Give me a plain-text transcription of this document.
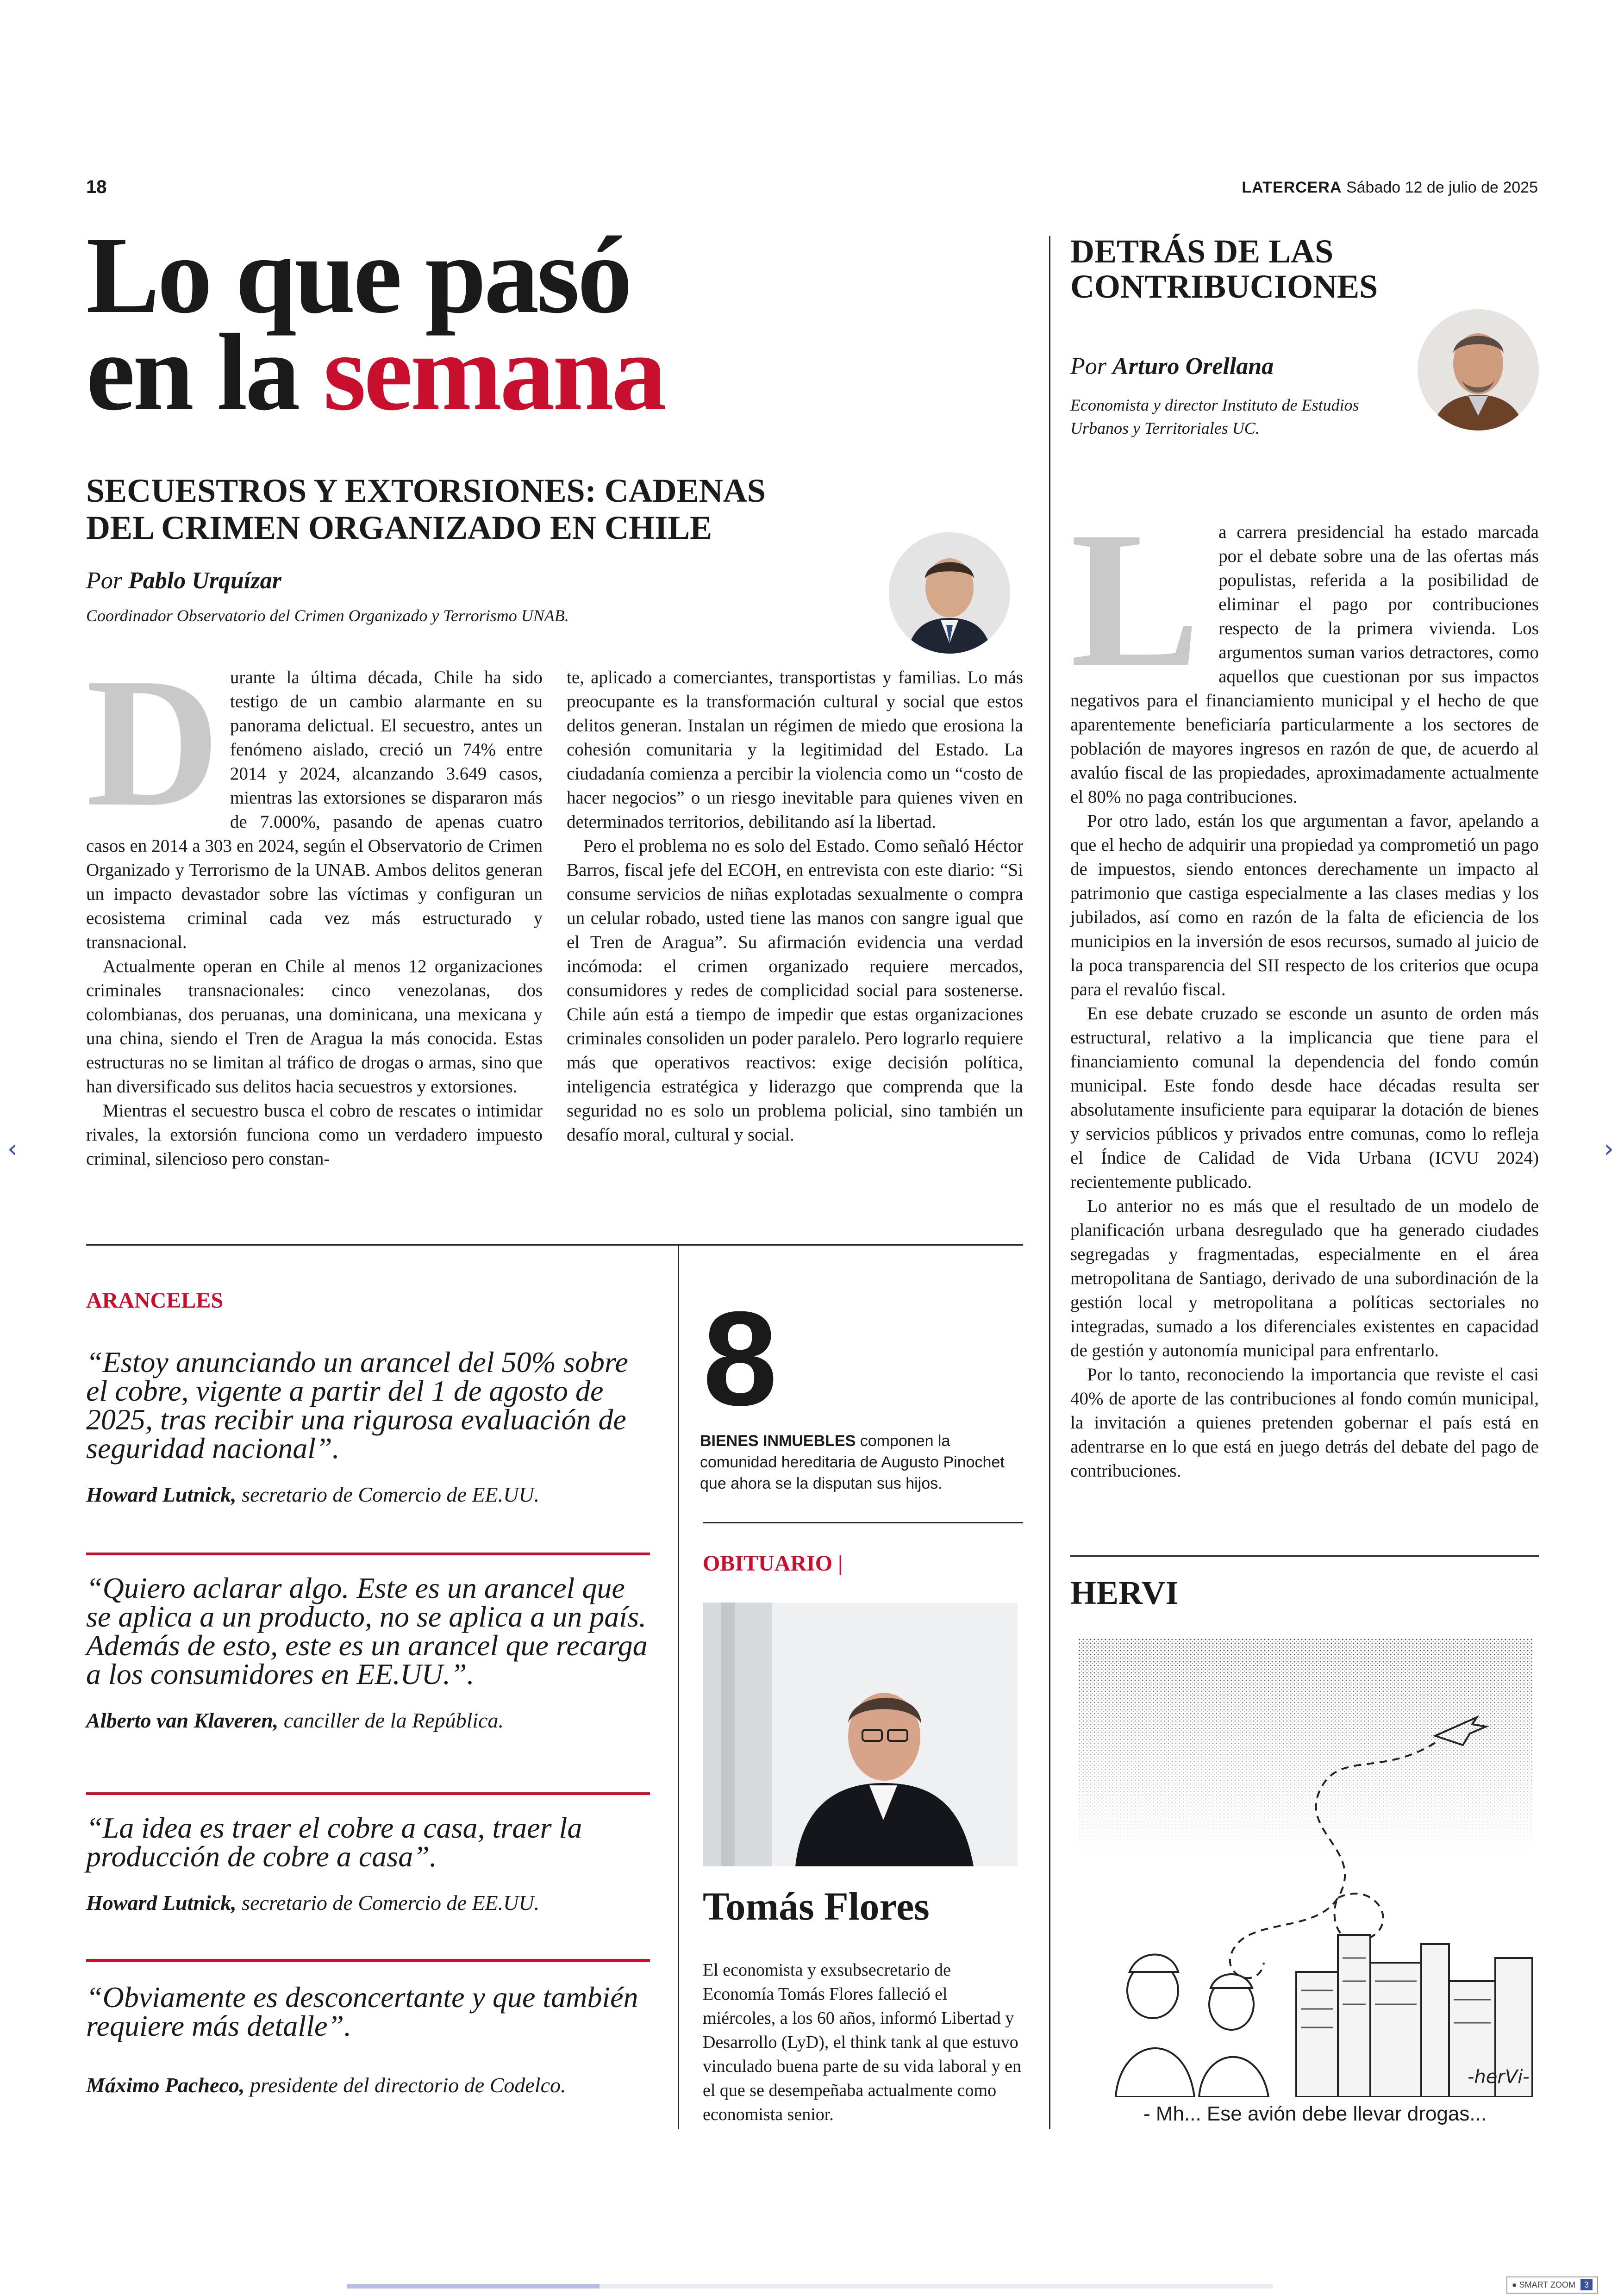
18	LATERCERA Sábado 12 de julio de 2025
Lo que pasó
en la semana
SECUESTROS Y EXTORSIONES: CADENAS DEL CRIMEN ORGANIZADO EN CHILE
Por Pablo Urquízar
Coordinador Observatorio del Crimen Organizado y Terrorismo UNAB.
D urante la última década, Chile ha sido testigo de un cambio alarmante en su panorama delictual. El secuestro, antes un fenómeno aislado, creció un 74% entre 2014 y 2024, alcanzando 3.649 casos, mientras las extorsiones se dispararon más de 7.000%, pasando de apenas cuatro casos en 2014 a 303 en 2024, según el Observatorio de Crimen Organizado y Terrorismo de la UNAB. Ambos delitos generan un impacto devastador sobre las víctimas y configuran un ecosistema criminal cada vez más estructurado y transnacional.

Actualmente operan en Chile al menos 12 organizaciones criminales transnacionales: cinco venezolanas, dos colombianas, dos peruanas, una dominicana, una mexicana y una china, siendo el Tren de Aragua la más conocida. Estas estructuras no se limitan al tráfico de drogas o armas, sino que han diversificado sus delitos hacia secuestros y extorsiones.

Mientras el secuestro busca el cobro de rescates o intimidar rivales, la extorsión funciona como un verdadero impuesto criminal, silencioso pero constan-

te, aplicado a comerciantes, transportistas y familias. Lo más preocupante es la transformación cultural y social que estos delitos generan. Instalan un régimen de miedo que erosiona la cohesión comunitaria y la legitimidad del Estado. La ciudadanía comienza a percibir la violencia como un “costo de hacer negocios” o un riesgo inevitable para quienes viven en determinados territorios, debilitando así la libertad.

Pero el problema no es solo del Estado. Como señaló Héctor Barros, fiscal jefe del ECOH, en entrevista con este diario: “Si consume servicios de niñas explotadas sexualmente o compra un celular robado, usted tiene las manos con sangre igual que el Tren de Aragua”. Su afirmación evidencia una verdad incómoda: el crimen organizado requiere mercados, consumidores y redes de complicidad social para sostenerse. Chile aún está a tiempo de impedir que estas organizaciones criminales consoliden un poder paralelo. Pero lograrlo requiere más que operativos reactivos: exige decisión política, inteligencia estratégica y liderazgo que comprenda que la seguridad no es solo un problema policial, sino también un desafío moral, cultural y social.

ARANCELES
“Estoy anunciando un arancel del 50% sobre el cobre, vigente a partir del 1 de agosto de 2025, tras recibir una rigurosa evaluación de seguridad nacional”.
Howard Lutnick, secretario de Comercio de EE.UU.
“Quiero aclarar algo. Este es un arancel que se aplica a un producto, no se aplica a un país. Además de esto, este es un arancel que recarga a los consumidores en EE.UU.”.
Alberto van Klaveren, canciller de la República.
“La idea es traer el cobre a casa, traer la producción de cobre a casa”.
Howard Lutnick, secretario de Comercio de EE.UU.
“Obviamente es desconcertante y que también requiere más detalle”.
Máximo Pacheco, presidente del directorio de Codelco.
8
BIENES INMUEBLES componen la comunidad hereditaria de Augusto Pinochet que ahora se la disputan sus hijos.
OBITUARIO |
Tomás Flores
El economista y exsubsecretario de Economía Tomás Flores falleció el miércoles, a los 60 años, informó Libertad y Desarrollo (LyD), el think tank al que estuvo vinculado buena parte de su vida laboral y en el que se desempeñaba actualmente como economista senior.
DETRÁS DE LAS
CONTRIBUCIONES
Por Arturo Orellana
Economista y director Instituto de Estudios Urbanos y Territoriales UC.
L	a carrera presidencial ha estado marcada por el debate sobre una de las ofertas más populistas, referida a la posibilidad de eliminar el pago por contribuciones respecto de la primera vivienda. Los argumentos suman varios detractores, como aquellos que cuestionan por sus impactos negativos para el financiamiento municipal y el hecho de que aparentemente beneficiaría particularmente a los sectores de población de mayores ingresos en razón de que, de acuerdo al avalúo fiscal de las propiedades, aproximadamente actualmente el 80% no paga contribuciones.

Por otro lado, están los que argumentan a favor, apelando a que el hecho de adquirir una propiedad ya comprometió un pago de impuestos, siendo entonces derechamente un impacto al patrimonio que castiga especialmente a las clases medias y los jubilados, así como en razón de la falta de eficiencia de los municipios en la inversión de esos recursos, sumado al juicio de la poca transparencia del SII respecto de los criterios que ocupa para el revalúo fiscal.

En ese debate cruzado se esconde un asunto de orden más estructural, relativo a la implicancia que tiene para el financiamiento comunal la dependencia del fondo común municipal. Este fondo desde hace décadas resulta ser absolutamente insuficiente para equiparar la dotación de bienes y servicios públicos y privados entre comunas, como lo refleja el Índice de Calidad de Vida Urbana (ICVU 2024) recientemente publicado.

Lo anterior no es más que el resultado de un modelo de planificación urbana desregulado que ha generado ciudades segregadas y fragmentadas, especialmente en el área metropolitana de Santiago, derivado de una subordinación de la gestión local y metropolitana a políticas sectoriales no integradas, sumado a los diferenciales existentes en capacidad de gestión y autonomía municipal para enfrentarlo.

Por lo tanto, reconociendo la importancia que reviste el casi 40% de aporte de las contribuciones al fondo común municipal, la invitación a quienes pretenden gobernar el país está en adentrarse en lo que está en juego detrás del debate del pago de contribuciones.

HERVI
-herVi-
- Mh... Ese avión debe llevar drogas...
‹	›
● SMART ZOOM 3
